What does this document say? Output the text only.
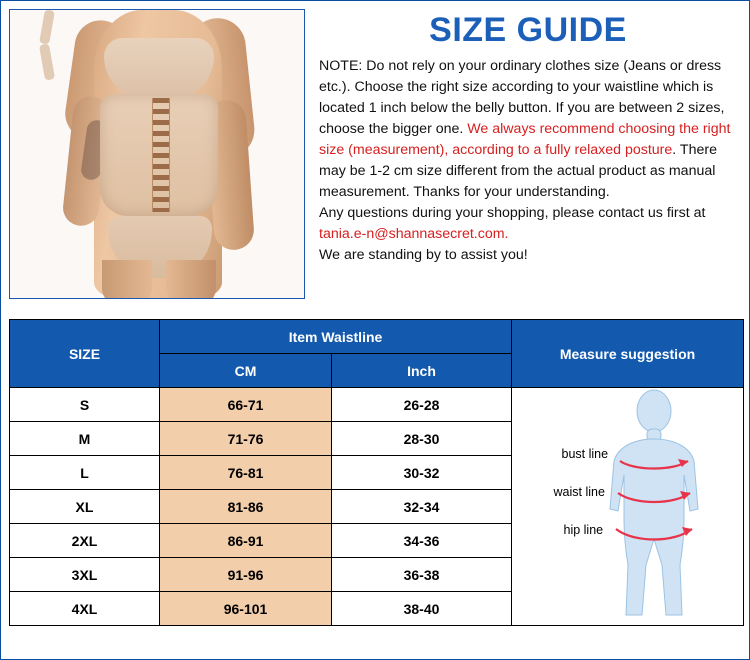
SIZE GUIDE
NOTE: Do not rely on your ordinary clothes size (Jeans or dress etc.). Choose the right size according to your waistline which is located 1 inch below the belly button. If you are between 2 sizes, choose the bigger one. We always recommend choosing the right size (measurement), according to a fully relaxed posture. There may be 1-2 cm size different from the actual product as manual measurement. Thanks for your understanding.
Any questions during your shopping, please contact us first at tania.e-n@shannasecret.com.
We are standing by to assist you!
SIZE	Item Waistline		Measure suggestion
	CM	Inch	
S	66-71	26-28	bust line
waist line
hip line

M	71-76	28-30	
L	76-81	30-32	
XL	81-86	32-34	
2XL	86-91	34-36	
3XL	91-96	36-38	
4XL	96-101	38-40	
